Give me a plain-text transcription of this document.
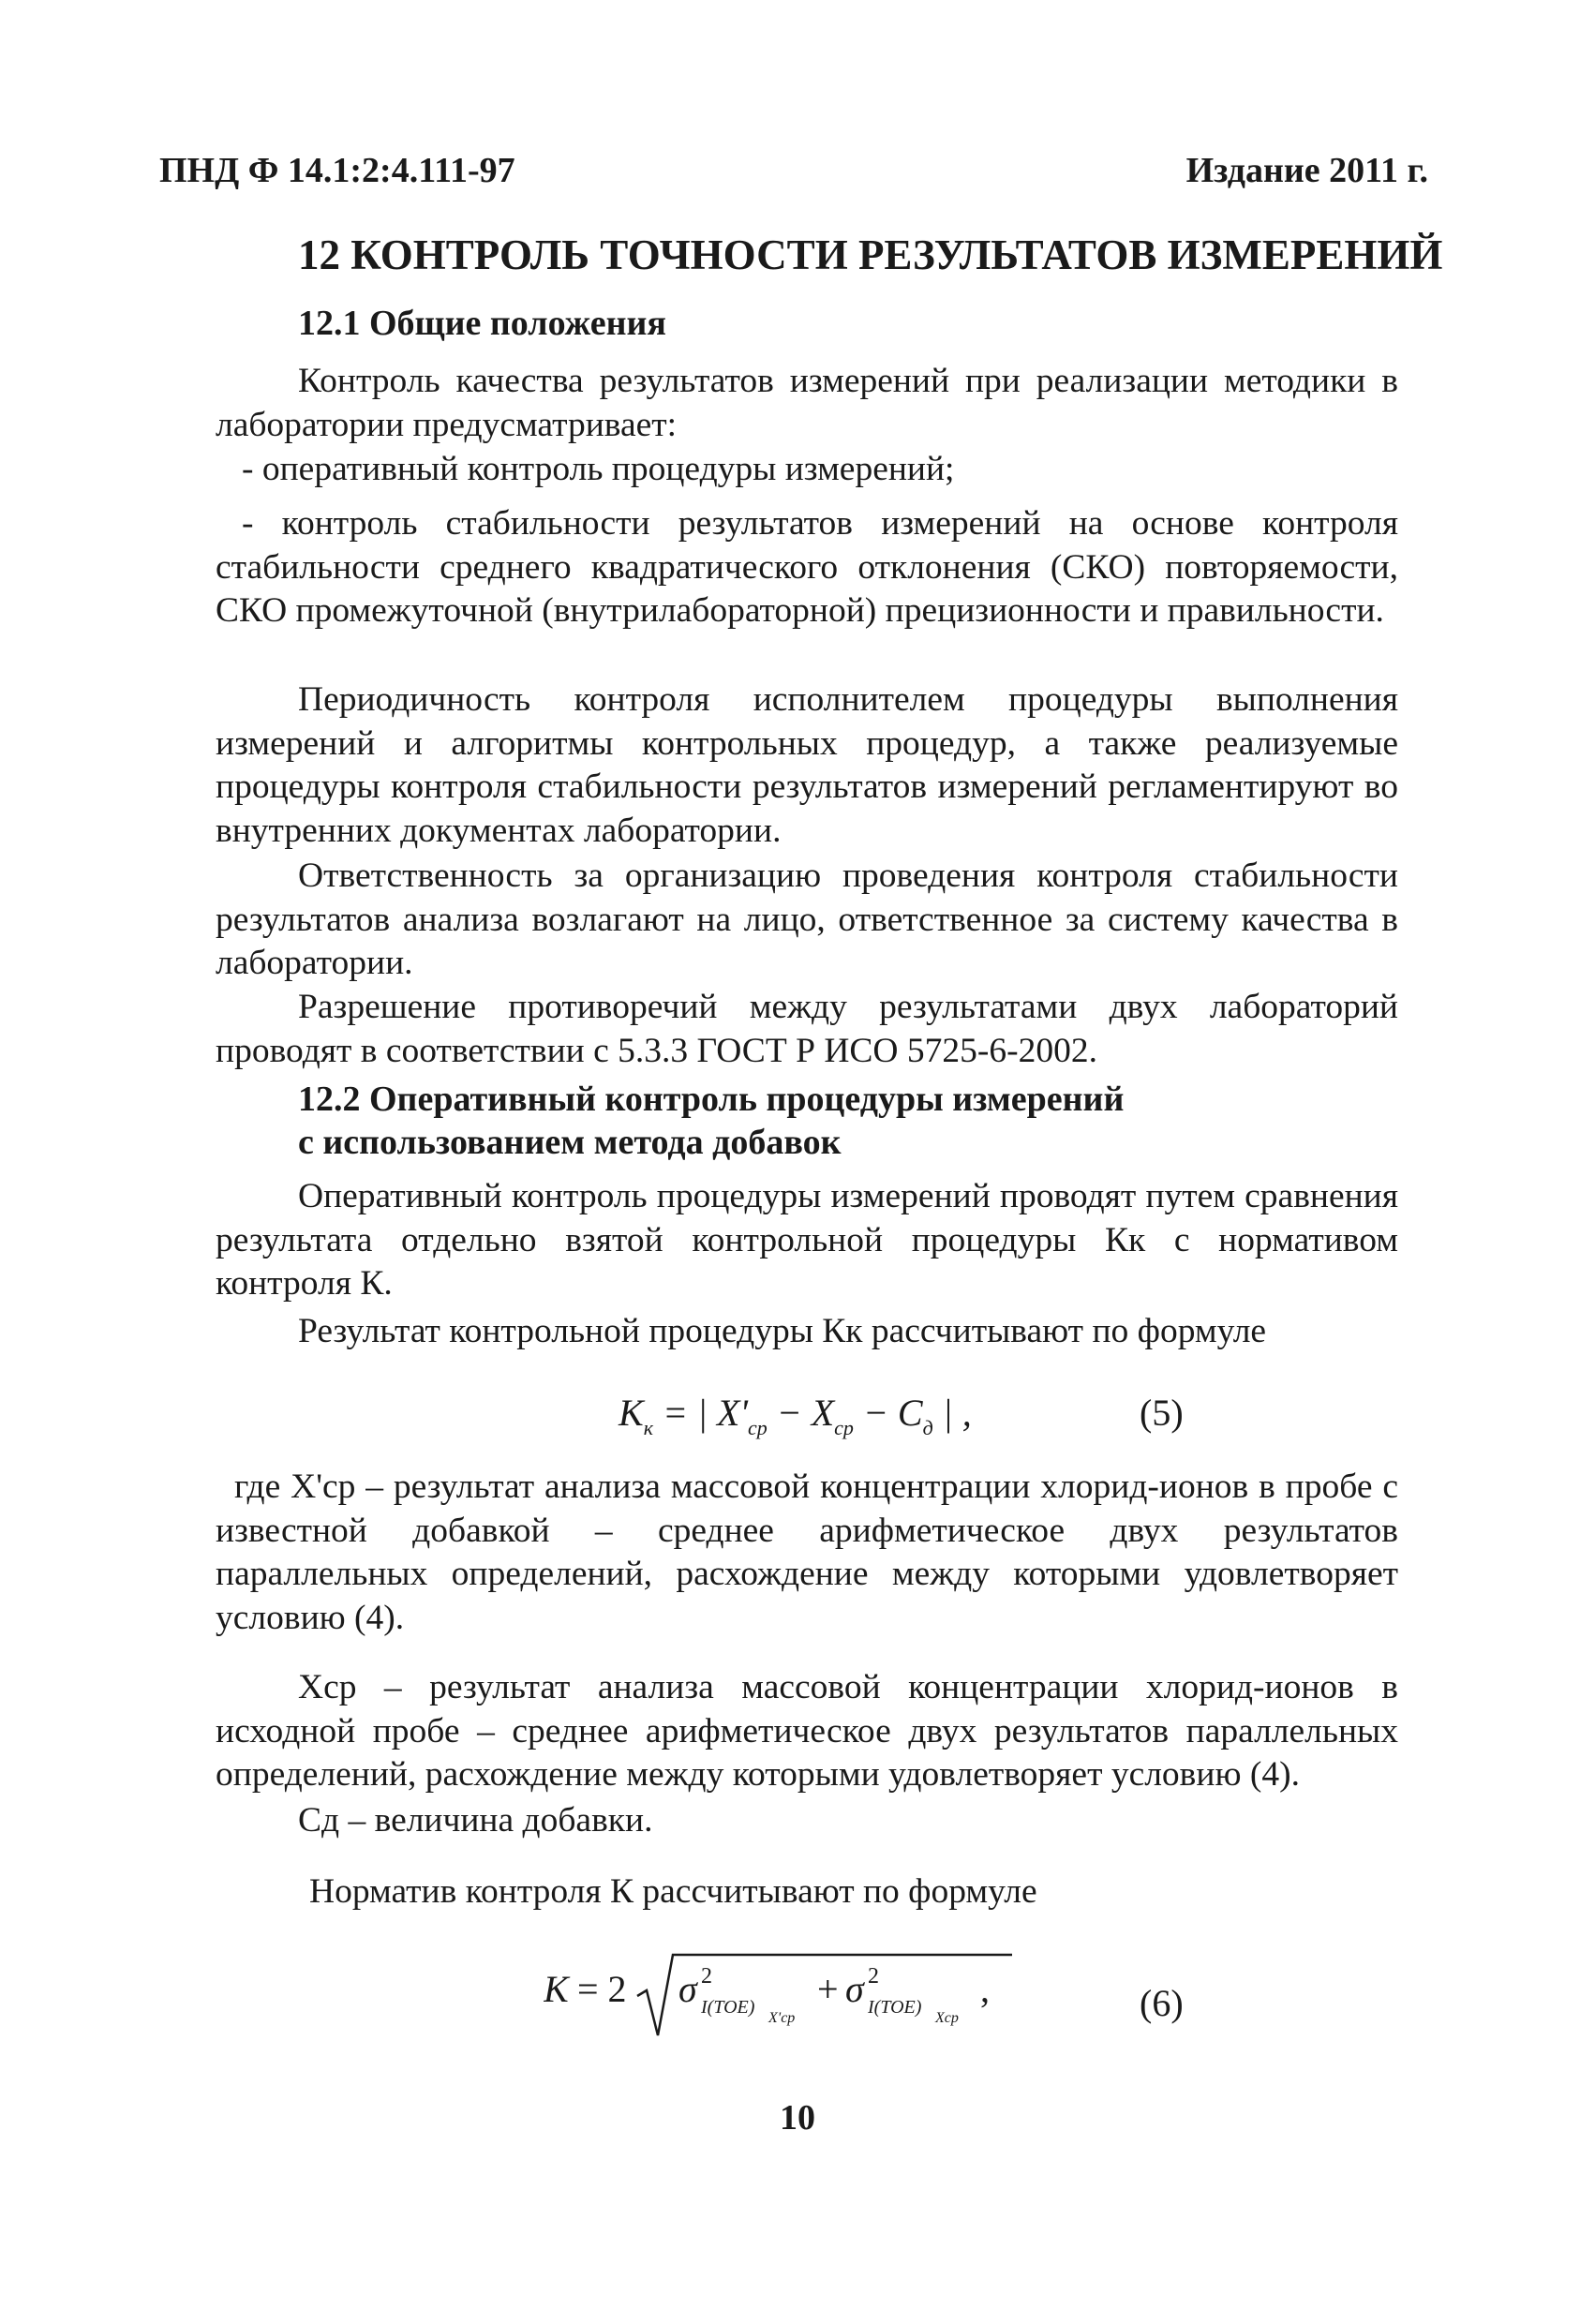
ПНД Ф 14.1:2:4.111-97	Издание 2011 г.
12 КОНТРОЛЬ ТОЧНОСТИ РЕЗУЛЬТАТОВ ИЗМЕРЕНИЙ
12.1 Общие положения
Контроль качества результатов измерений при реализации методики в лаборатории предусматривает:
- оперативный контроль процедуры измерений;
- контроль стабильности результатов измерений на основе контроля стабильности среднего квадратического отклонения (СКО) повторяемости, СКО промежуточной (внутрилабораторной) прецизионности и правильности.
Периодичность контроля исполнителем процедуры выполнения измерений и алгоритмы контрольных процедур, а также реализуемые процедуры контроля стабильности результатов измерений регламентируют во внутренних документах лаборатории.
Ответственность за организацию проведения контроля стабильности результатов анализа возлагают на лицо, ответственное за систему качества в лаборатории.
Разрешение противоречий между результатами двух лабораторий проводят в соответствии с 5.3.3 ГОСТ Р ИСО 5725-6-2002.
12.2 Оперативный контроль процедуры измерений
с использованием метода добавок
Оперативный контроль процедуры измерений проводят путем сравнения результата отдельно взятой контрольной процедуры Кк с нормативом контроля К.
Результат контрольной процедуры Кк рассчитывают по формуле
$K_к$ = | $X'_{ср} - X_{ср} - C_д$ | ,	(5)
где X'ср – результат анализа массовой концентрации хлорид-ионов в пробе с известной добавкой – среднее арифметическое двух результатов параллельных определений, расхождение между которыми удовлетворяет условию (4).
Xср – результат анализа массовой концентрации хлорид-ионов в исходной пробе – среднее арифметическое двух результатов параллельных определений, расхождение между которыми удовлетворяет условию (4).
Сд – величина добавки.
Норматив контроля К рассчитывают по формуле
K = 2 σ 2
I(TOE)
X'ср
+ σ 2
I(TOE)
Xср
,	(6)
10
